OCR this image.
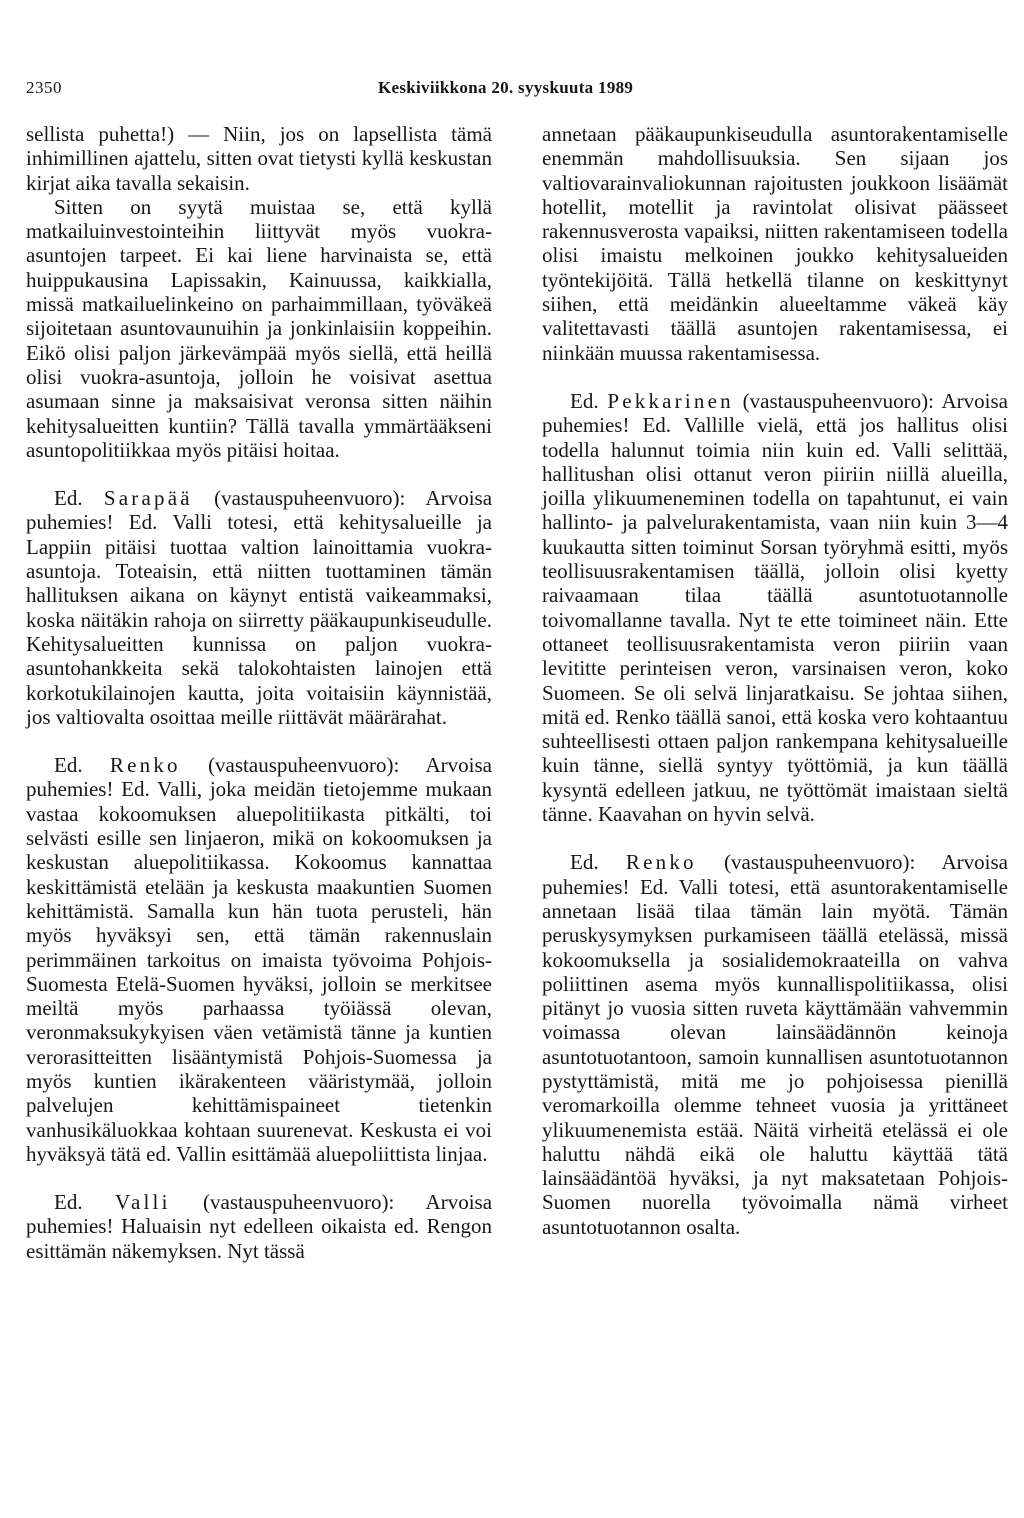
2350	Keskiviikkona 20. syyskuuta 1989

sellista puhetta!) — Niin, jos on lapsellista tämä inhimillinen ajattelu, sitten ovat tietysti kyllä keskustan kirjat aika tavalla sekaisin.

Sitten on syytä muistaa se, että kyllä matkailuinvestointeihin liittyvät myös vuokra-asuntojen tarpeet. Ei kai liene harvinaista se, että huippukausina Lapissakin, Kainuussa, kaikkialla, missä matkailuelinkeino on parhaimmillaan, työväkeä sijoitetaan asuntovaunuihin ja jonkinlaisiin koppeihin. Eikö olisi paljon järkevämpää myös siellä, että heillä olisi vuokra-asuntoja, jolloin he voisivat asettua asumaan sinne ja maksaisivat veronsa sitten näihin kehitysalueitten kuntiin? Tällä tavalla ymmärtääkseni asuntopolitiikkaa myös pitäisi hoitaa.

Ed. Sarapää (vastauspuheenvuoro): Arvoisa puhemies! Ed. Valli totesi, että kehitysalueille ja Lappiin pitäisi tuottaa valtion lainoittamia vuokra-asuntoja. Toteaisin, että niitten tuottaminen tämän hallituksen aikana on käynyt entistä vaikeammaksi, koska näitäkin rahoja on siirretty pääkaupunkiseudulle. Kehitysalueitten kunnissa on paljon vuokra-asuntohankkeita sekä talokohtaisten lainojen että korkotukilainojen kautta, joita voitaisiin käynnistää, jos valtiovalta osoittaa meille riittävät määrärahat.

Ed. Renko (vastauspuheenvuoro): Arvoisa puhemies! Ed. Valli, joka meidän tietojemme mukaan vastaa kokoomuksen aluepolitiikasta pitkälti, toi selvästi esille sen linjaeron, mikä on kokoomuksen ja keskustan aluepolitiikassa. Kokoomus kannattaa keskittämistä etelään ja keskusta maakuntien Suomen kehittämistä. Samalla kun hän tuota perusteli, hän myös hyväksyi sen, että tämän rakennuslain perimmäinen tarkoitus on imaista työvoima Pohjois-Suomesta Etelä-Suomen hyväksi, jolloin se merkitsee meiltä myös parhaassa työiässä olevan, veronmaksukykyisen väen vetämistä tänne ja kuntien verorasitteitten lisääntymistä Pohjois-Suomessa ja myös kuntien ikärakenteen vääristymää, jolloin palvelujen kehittämispaineet tietenkin vanhusikäluokkaa kohtaan suurenevat. Keskusta ei voi hyväksyä tätä ed. Vallin esittämää aluepoliittista linjaa.

Ed. Valli (vastauspuheenvuoro): Arvoisa puhemies! Haluaisin nyt edelleen oikaista ed. Rengon esittämän näkemyksen. Nyt tässä

annetaan pääkaupunkiseudulla asuntorakentamiselle enemmän mahdollisuuksia. Sen sijaan jos valtiovarainvaliokunnan rajoitusten joukkoon lisäämät hotellit, motellit ja ravintolat olisivat päässeet rakennusverosta vapaiksi, niitten rakentamiseen todella olisi imaistu melkoinen joukko kehitysalueiden työntekijöitä. Tällä hetkellä tilanne on keskittynyt siihen, että meidänkin alueeltamme väkeä käy valitettavasti täällä asuntojen rakentamisessa, ei niinkään muussa rakentamisessa.

Ed. Pekkarinen (vastauspuheenvuoro): Arvoisa puhemies! Ed. Vallille vielä, että jos hallitus olisi todella halunnut toimia niin kuin ed. Valli selittää, hallitushan olisi ottanut veron piiriin niillä alueilla, joilla ylikuumeneminen todella on tapahtunut, ei vain hallinto- ja palvelurakentamista, vaan niin kuin 3—4 kuukautta sitten toiminut Sorsan työryhmä esitti, myös teollisuusrakentamisen täällä, jolloin olisi kyetty raivaamaan tilaa täällä asuntotuotannolle toivomallanne tavalla. Nyt te ette toimineet näin. Ette ottaneet teollisuusrakentamista veron piiriin vaan levititte perinteisen veron, varsinaisen veron, koko Suomeen. Se oli selvä linjaratkaisu. Se johtaa siihen, mitä ed. Renko täällä sanoi, että koska vero kohtaantuu suhteellisesti ottaen paljon rankempana kehitysalueille kuin tänne, siellä syntyy työttömiä, ja kun täällä kysyntä edelleen jatkuu, ne työttömät imaistaan sieltä tänne. Kaavahan on hyvin selvä.

Ed. Renko (vastauspuheenvuoro): Arvoisa puhemies! Ed. Valli totesi, että asuntorakentamiselle annetaan lisää tilaa tämän lain myötä. Tämän peruskysymyksen purkamiseen täällä etelässä, missä kokoomuksella ja sosialidemokraateilla on vahva poliittinen asema myös kunnallispolitiikassa, olisi pitänyt jo vuosia sitten ruveta käyttämään vahvemmin voimassa olevan lainsäädännön keinoja asuntotuotantoon, samoin kunnallisen asuntotuotannon pystyttämistä, mitä me jo pohjoisessa pienillä veromarkoilla olemme tehneet vuosia ja yrittäneet ylikuumenemista estää. Näitä virheitä etelässä ei ole haluttu nähdä eikä ole haluttu käyttää tätä lainsäädäntöä hyväksi, ja nyt maksatetaan Pohjois-Suomen nuorella työvoimalla nämä virheet asuntotuotannon osalta.
